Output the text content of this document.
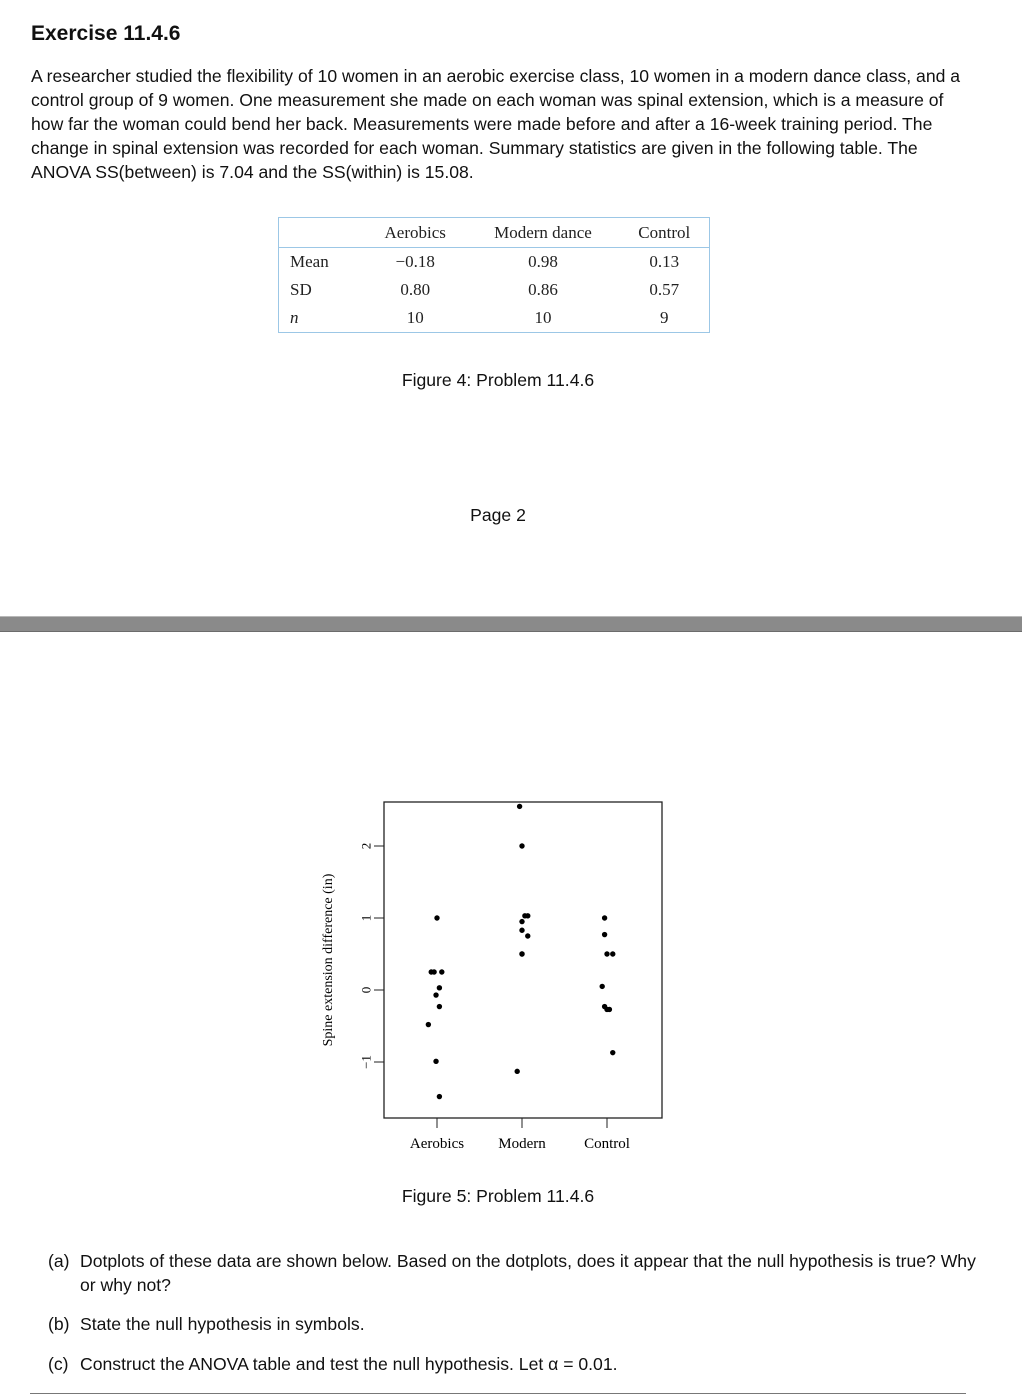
Exercise 11.4.6

A researcher studied the flexibility of 10 women in an aerobic exercise class, 10 women in a modern dance class, and a control group of 9 women. One measurement she made on each woman was spinal extension, which is a measure of how far the woman could bend her back. Measurements were made before and after a 16-week training period. The change in spinal extension was recorded for each woman. Summary statistics are given in the following table. The ANOVA SS(between) is 7.04 and the SS(within) is 15.08.

	Aerobics	Modern dance	Control
Mean	−0.18	0.98	0.13
SD	0.80	0.86	0.57
n	10	10	9

Figure 4: Problem 11.4.6

Page 2

−1
0
1
2
Aerobics Modern	Control
Spine extension difference (in)

Figure 5: Problem 11.4.6

(a) Dotplots of these data are shown below. Based on the dotplots, does it appear that the null hypothesis is true? Why or why not?
(b) State the null hypothesis in symbols.
(c) Construct the ANOVA table and test the null hypothesis. Let α = 0.01.
